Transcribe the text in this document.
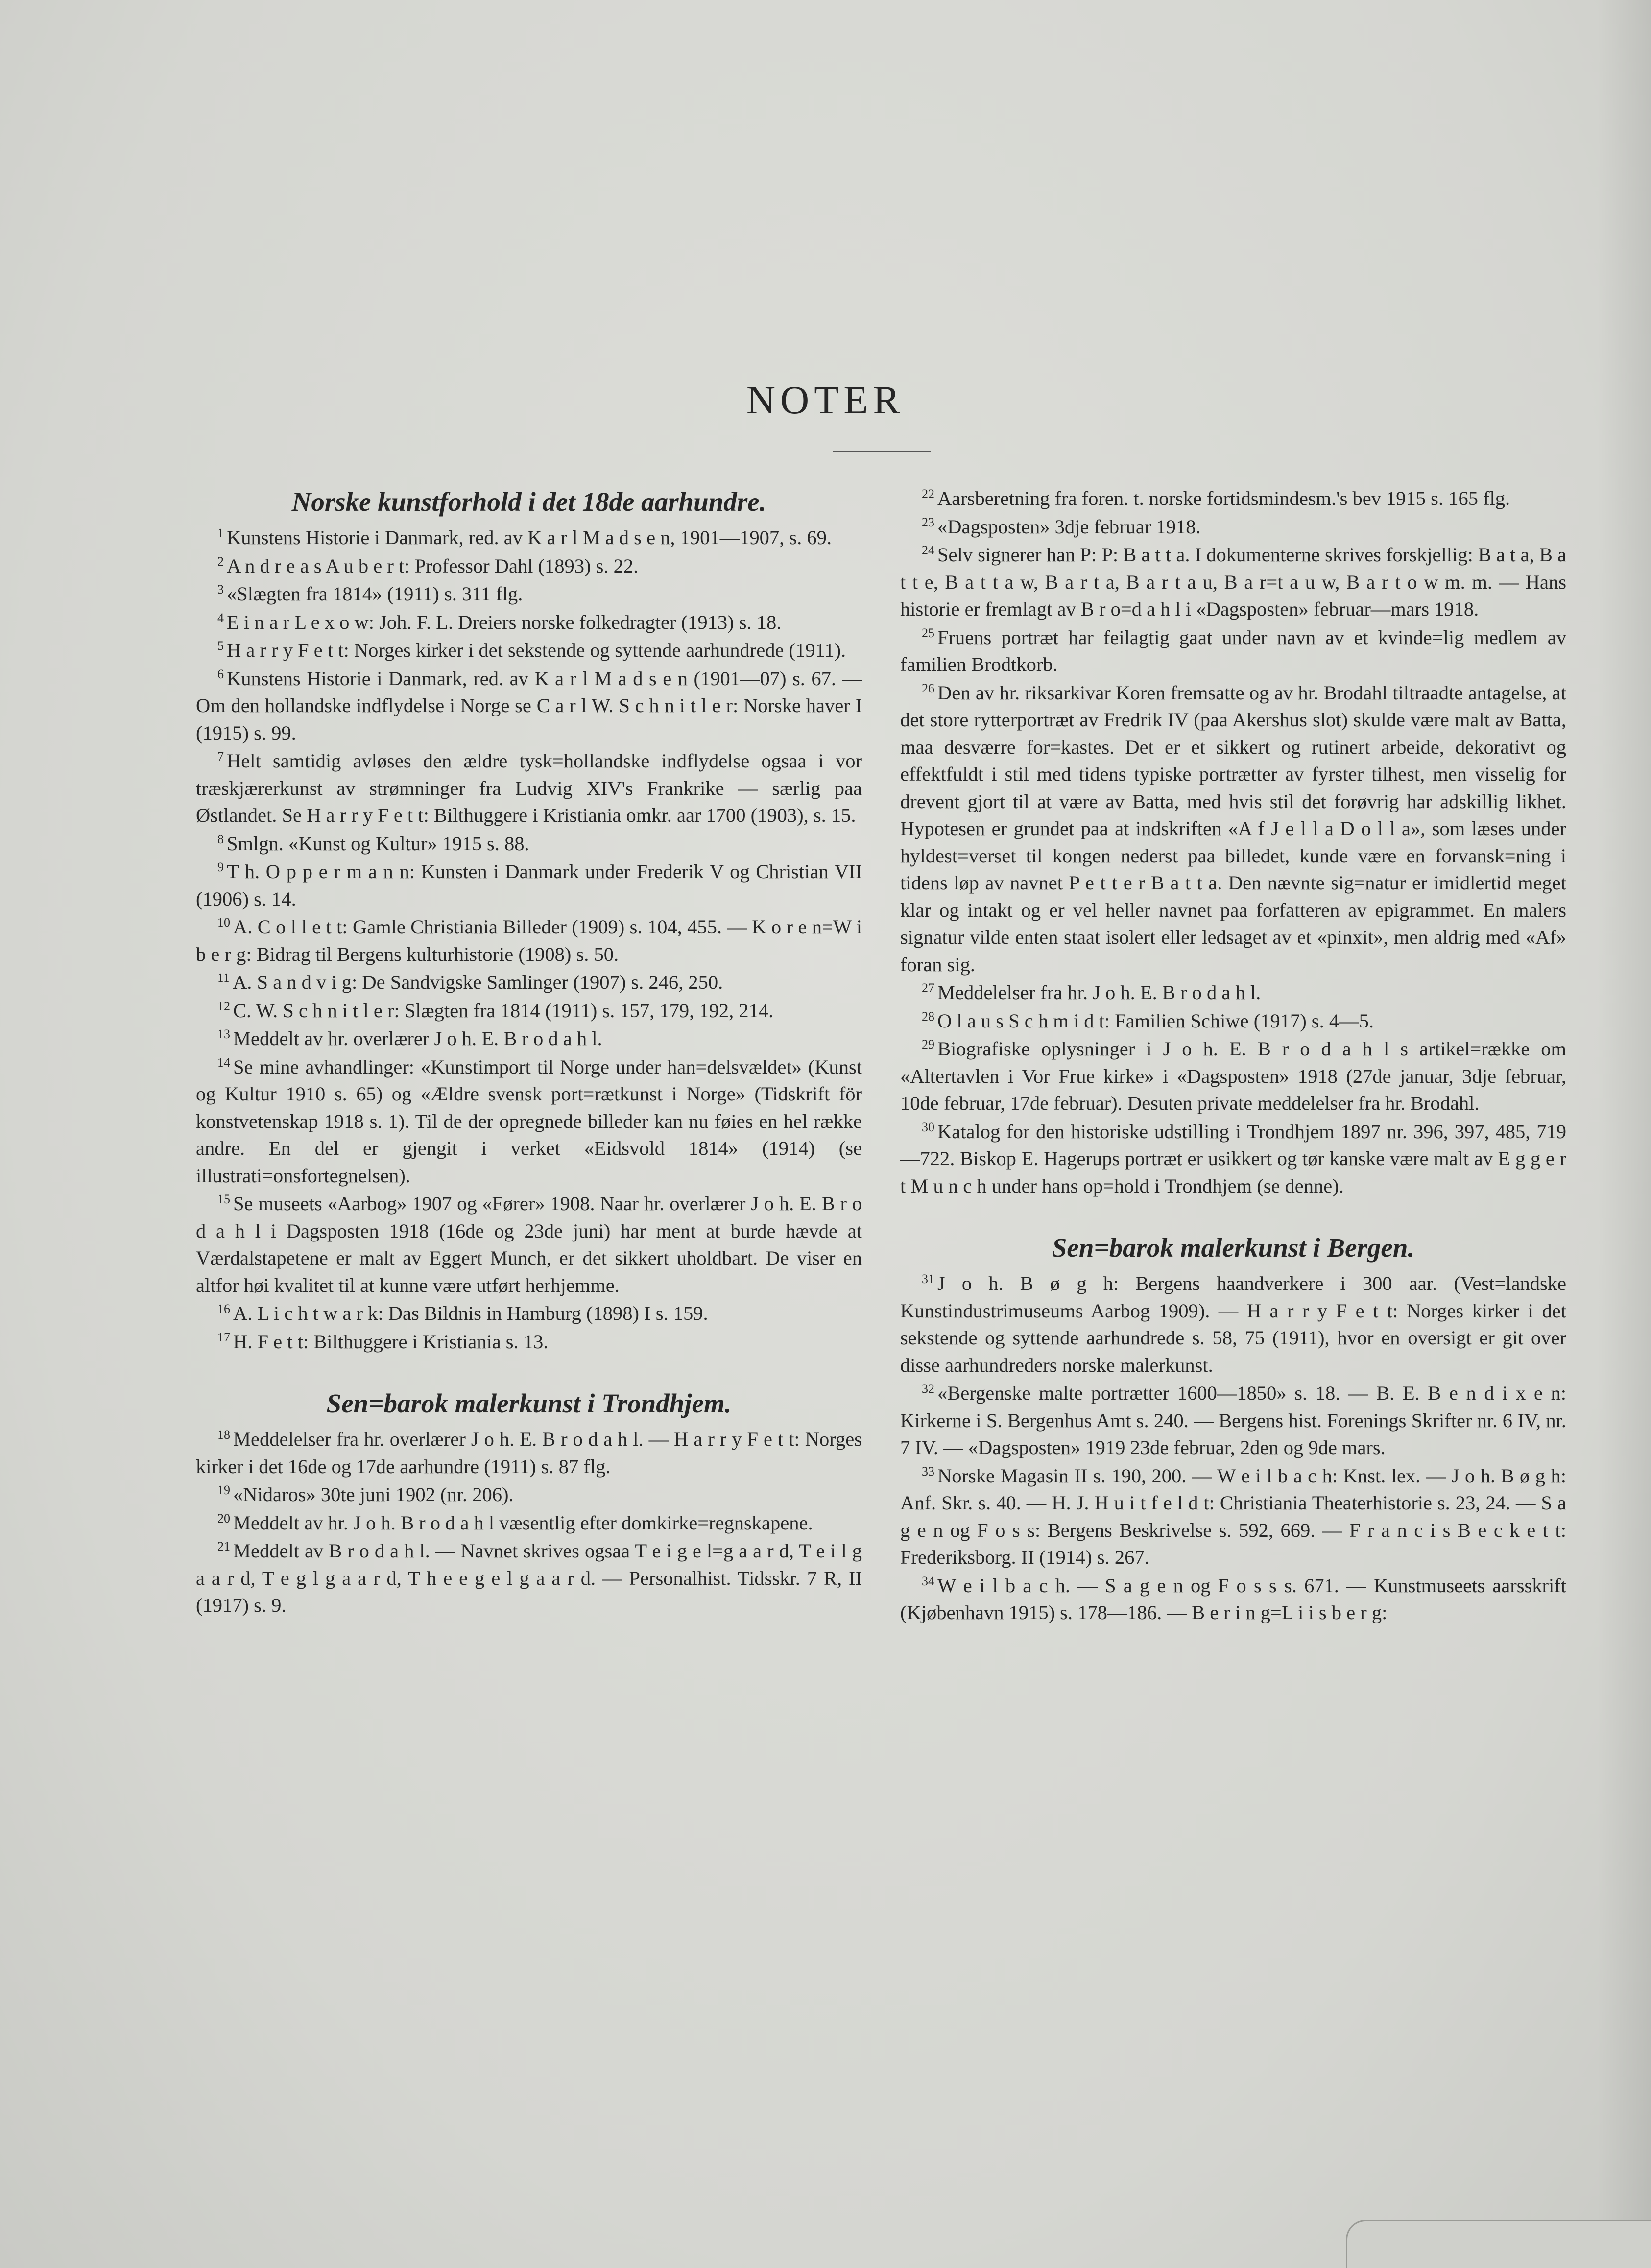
NOTER
Norske kunstforhold i det 18de aarhundre.

$^1$ Kunstens Historie i Danmark, red. av K a r l M a d s e n, 1901—1907, s. 69.

$^2$ A n d r e a s A u b e r t: Professor Dahl (1893) s. 22.

$^3$ «Slægten fra 1814» (1911) s. 311 flg.

$^4$ E i n a r L e x o w: Joh. F. L. Dreiers norske folkedragter (1913) s. 18.

$^5$ H a r r y F e t t: Norges kirker i det sekstende og syttende aarhundrede (1911).

$^6$ Kunstens Historie i Danmark, red. av K a r l M a d s e n (1901—07) s. 67. — Om den hollandske indflydelse i Norge se C a r l W. S c h n i t l e r: Norske haver I (1915) s. 99.

$^7$ Helt samtidig avløses den ældre tysk=hollandske indflydelse ogsaa i vor træskjærerkunst av strømninger fra Ludvig XIV's Frankrike — særlig paa Østlandet. Se H a r r y F e t t: Bilthuggere i Kristiania omkr. aar 1700 (1903), s. 15.

$^8$ Smlgn. «Kunst og Kultur» 1915 s. 88.

$^9$ T h. O p p e r m a n n: Kunsten i Danmark under Frederik V og Christian VII (1906) s. 14.

$^{10}$ A. C o l l e t t: Gamle Christiania Billeder (1909) s. 104, 455. — K o r e n=W i b e r g: Bidrag til Bergens kulturhistorie (1908) s. 50.

$^{11}$ A. S a n d v i g: De Sandvigske Samlinger (1907) s. 246, 250.

$^{12}$ C. W. S c h n i t l e r: Slægten fra 1814 (1911) s. 157, 179, 192, 214.

$^{13}$ Meddelt av hr. overlærer J o h. E. B r o d a h l.

$^{14}$ Se mine avhandlinger: «Kunstimport til Norge under han=delsvældet» (Kunst og Kultur 1910 s. 65) og «Ældre svensk port=rætkunst i Norge» (Tidskrift för konstvetenskap 1918 s. 1). Til de der opregnede billeder kan nu føies en hel række andre. En del er gjengit i verket «Eidsvold 1814» (1914) (se illustrati=onsfortegnelsen).

$^{15}$ Se museets «Aarbog» 1907 og «Fører» 1908. Naar hr. overlærer J o h. E. B r o d a h l i Dagsposten 1918 (16de og 23de juni) har ment at burde hævde at Værdalstapetene er malt av Eggert Munch, er det sikkert uholdbart. De viser en altfor høi kvalitet til at kunne være utført herhjemme.

$^{16}$ A. L i c h t w a r k: Das Bildnis in Hamburg (1898) I s. 159.

$^{17}$ H. F e t t: Bilthuggere i Kristiania s. 13.

Sen=barok malerkunst i Trondhjem.

$^{18}$ Meddelelser fra hr. overlærer J o h. E. B r o d a h l. — H a r r y F e t t: Norges kirker i det 16de og 17de aarhundre (1911) s. 87 flg.

$^{19}$ «Nidaros» 30te juni 1902 (nr. 206).

$^{20}$ Meddelt av hr. J o h. B r o d a h l væsentlig efter domkirke=regnskapene.

$^{21}$ Meddelt av B r o d a h l. — Navnet skrives ogsaa T e i g e l=g a a r d, T e i l g a a r d, T e g l g a a r d, T h e e g e l g a a r d. — Personalhist. Tidsskr. 7 R, II (1917) s. 9.

$^{22}$ Aarsberetning fra foren. t. norske fortidsmindesm.'s bev 1915 s. 165 flg.

$^{23}$ «Dagsposten» 3dje februar 1918.

$^{24}$ Selv signerer han P: P: B a t t a. I dokumenterne skrives forskjellig: B a t a, B a t t e, B a t t a w, B a r t a, B a r t a u, B a r=t a u w, B a r t o w m. m. — Hans historie er fremlagt av B r o=d a h l i «Dagsposten» februar—mars 1918.

$^{25}$ Fruens portræt har feilagtig gaat under navn av et kvinde=lig medlem av familien Brodtkorb.

$^{26}$ Den av hr. riksarkivar Koren fremsatte og av hr. Brodahl tiltraadte antagelse, at det store rytterportræt av Fredrik IV (paa Akershus slot) skulde være malt av Batta, maa desværre for=kastes. Det er et sikkert og rutinert arbeide, dekorativt og effektfuldt i stil med tidens typiske portrætter av fyrster tilhest, men visselig for drevent gjort til at være av Batta, med hvis stil det forøvrig har adskillig likhet. Hypotesen er grundet paa at indskriften «A f J e l l a D o l l a», som læses under hyldest=verset til kongen nederst paa billedet, kunde være en forvansk=ning i tidens løp av navnet P e t t e r B a t t a. Den nævnte sig=natur er imidlertid meget klar og intakt og er vel heller navnet paa forfatteren av epigrammet. En malers signatur vilde enten staat isolert eller ledsaget av et «pinxit», men aldrig med «Af» foran sig.

$^{27}$ Meddelelser fra hr. J o h. E. B r o d a h l.

$^{28}$ O l a u s S c h m i d t: Familien Schiwe (1917) s. 4—5.

$^{29}$ Biografiske oplysninger i J o h. E. B r o d a h l s artikel=række om «Altertavlen i Vor Frue kirke» i «Dagsposten» 1918 (27de januar, 3dje februar, 10de februar, 17de februar). Desuten private meddelelser fra hr. Brodahl.

$^{30}$ Katalog for den historiske udstilling i Trondhjem 1897 nr. 396, 397, 485, 719—722. Biskop E. Hagerups portræt er usikkert og tør kanske være malt av E g g e r t M u n c h under hans op=hold i Trondhjem (se denne).

Sen=barok malerkunst i Bergen.

$^{31}$ J o h. B ø g h: Bergens haandverkere i 300 aar. (Vest=landske Kunstindustrimuseums Aarbog 1909). — H a r r y F e t t: Norges kirker i det sekstende og syttende aarhundrede s. 58, 75 (1911), hvor en oversigt er git over disse aarhundreders norske malerkunst.

$^{32}$ «Bergenske malte portrætter 1600—1850» s. 18. — B. E. B e n d i x e n: Kirkerne i S. Bergenhus Amt s. 240. — Bergens hist. Forenings Skrifter nr. 6 IV, nr. 7 IV. — «Dagsposten» 1919 23de februar, 2den og 9de mars.

$^{33}$ Norske Magasin II s. 190, 200. — W e i l b a c h: Knst. lex. — J o h. B ø g h: Anf. Skr. s. 40. — H. J. H u i t f e l d t: Christiania Theaterhistorie s. 23, 24. — S a g e n og F o s s: Bergens Beskrivelse s. 592, 669. — F r a n c i s B e c k e t t: Frederiksborg. II (1914) s. 267.

$^{34}$ W e i l b a c h. — S a g e n og F o s s s. 671. — Kunstmuseets aarsskrift (Kjøbenhavn 1915) s. 178—186. — B e r i n g=L i i s b e r g:
